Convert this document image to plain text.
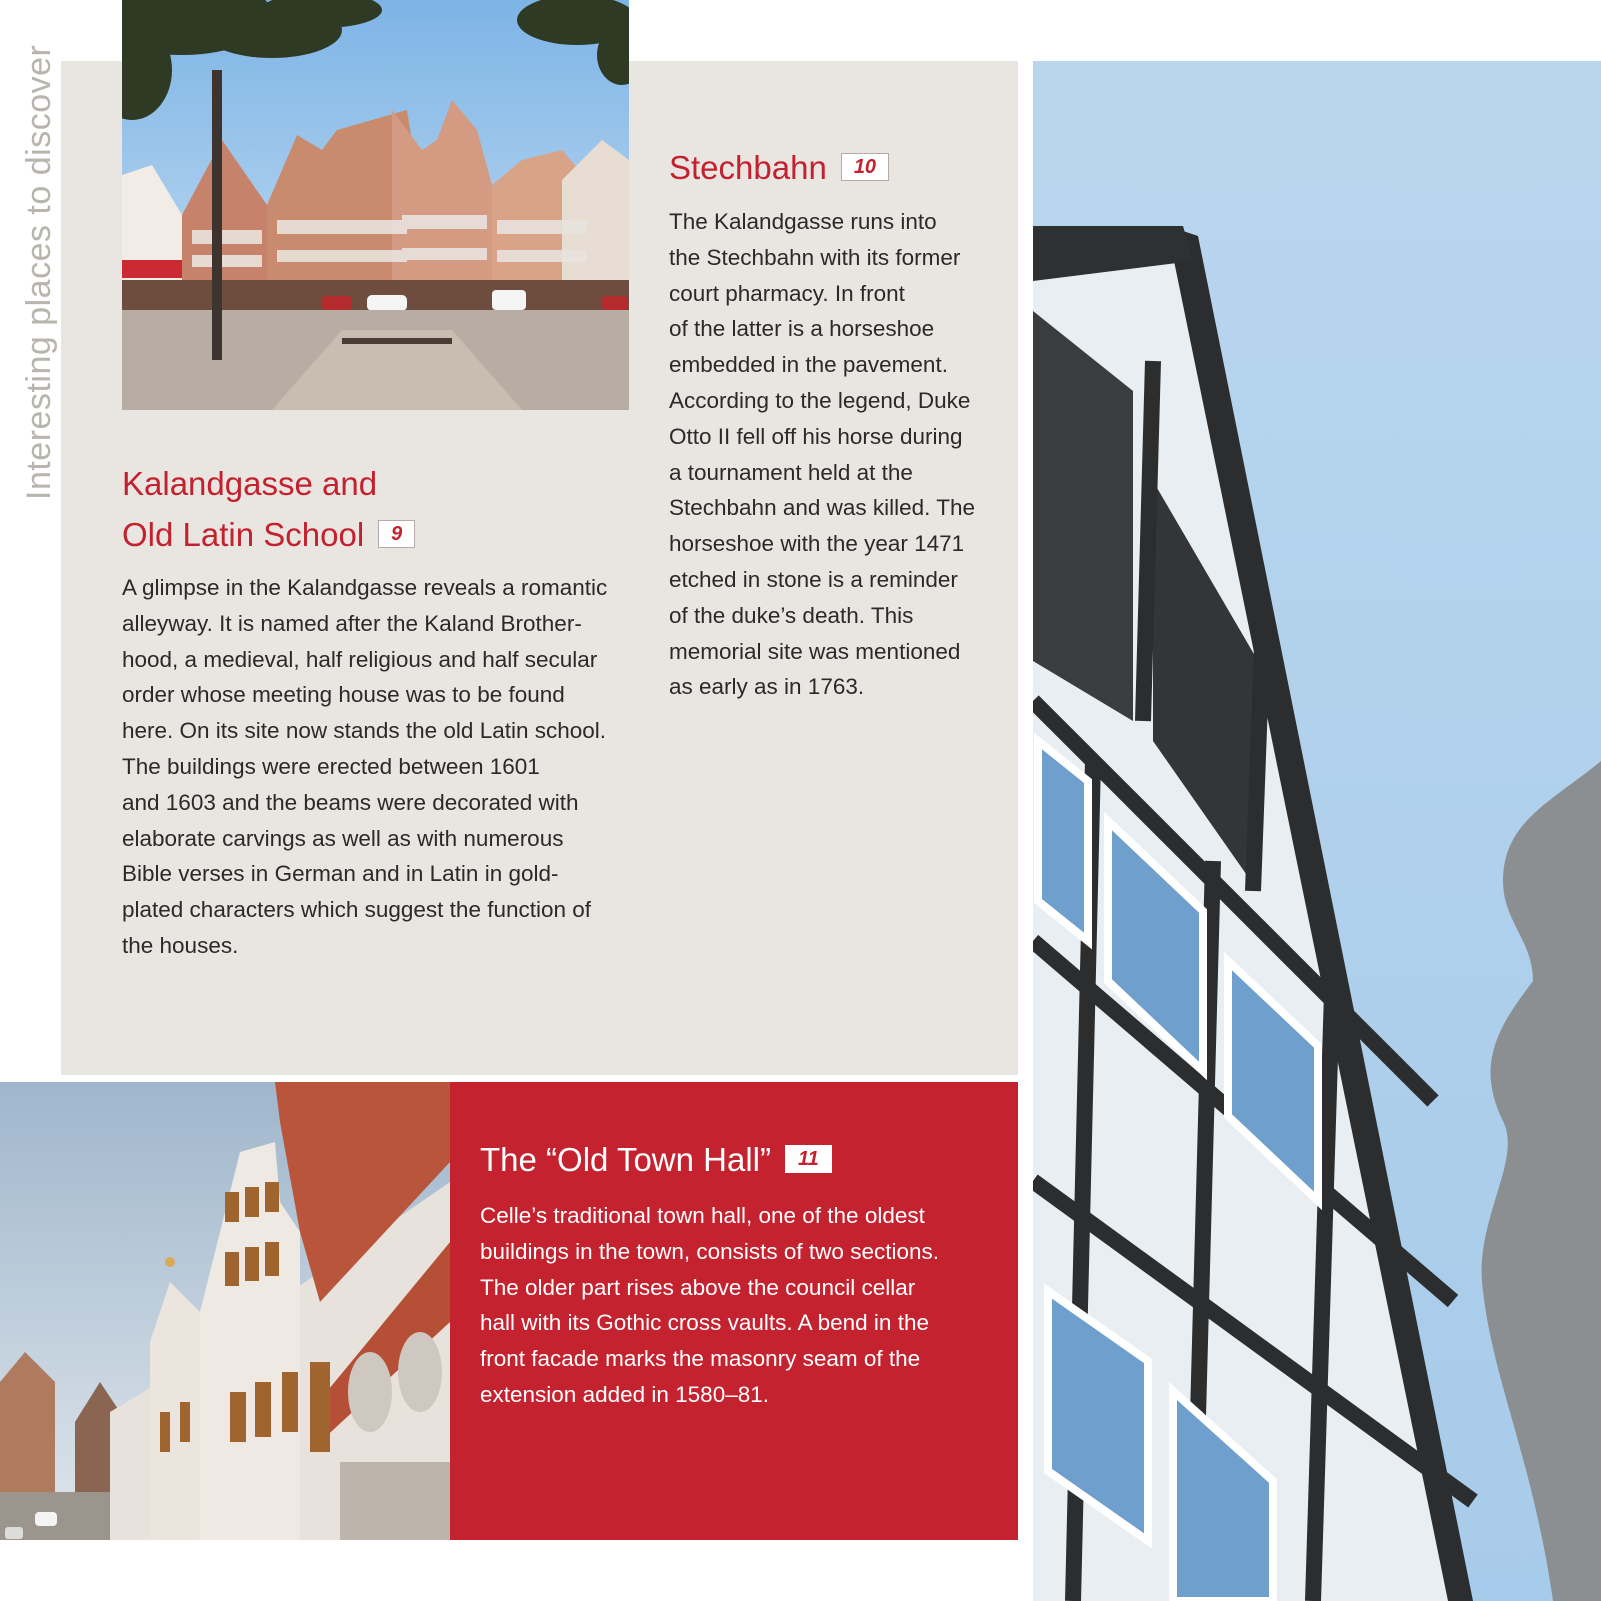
Interesting places to discover Kalandgasse and
Old Latin School 9

A glimpse in the Kalandgasse reveals a romantic
alleyway. It is named after the Kaland Brother-
hood, a medieval, half religious and half secular
order whose meeting house was to be found
here. On its site now stands the old Latin school.
The buildings were erected between 1601
and 1603 and the beams were decorated with
elaborate carvings as well as with numerous
Bible verses in German and in Latin in gold-
plated characters which suggest the function of
the houses.

Stechbahn 10

The Kalandgasse runs into
the Stechbahn with its former
court pharmacy. In front
of the latter is a horseshoe
embedded in the pavement.
According to the legend, Duke
Otto II fell off his horse during
a tournament held at the
Stechbahn and was killed. The
horseshoe with the year 1471
etched in stone is a reminder
of the duke’s death. This
memorial site was mentioned
as early as in 1763.

The “Old Town Hall” 11

Celle’s traditional town hall, one of the oldest
buildings in the town, consists of two sections.
The older part rises above the council cellar
hall with its Gothic cross vaults. A bend in the
front facade marks the masonry seam of the
extension added in 1580–81.
